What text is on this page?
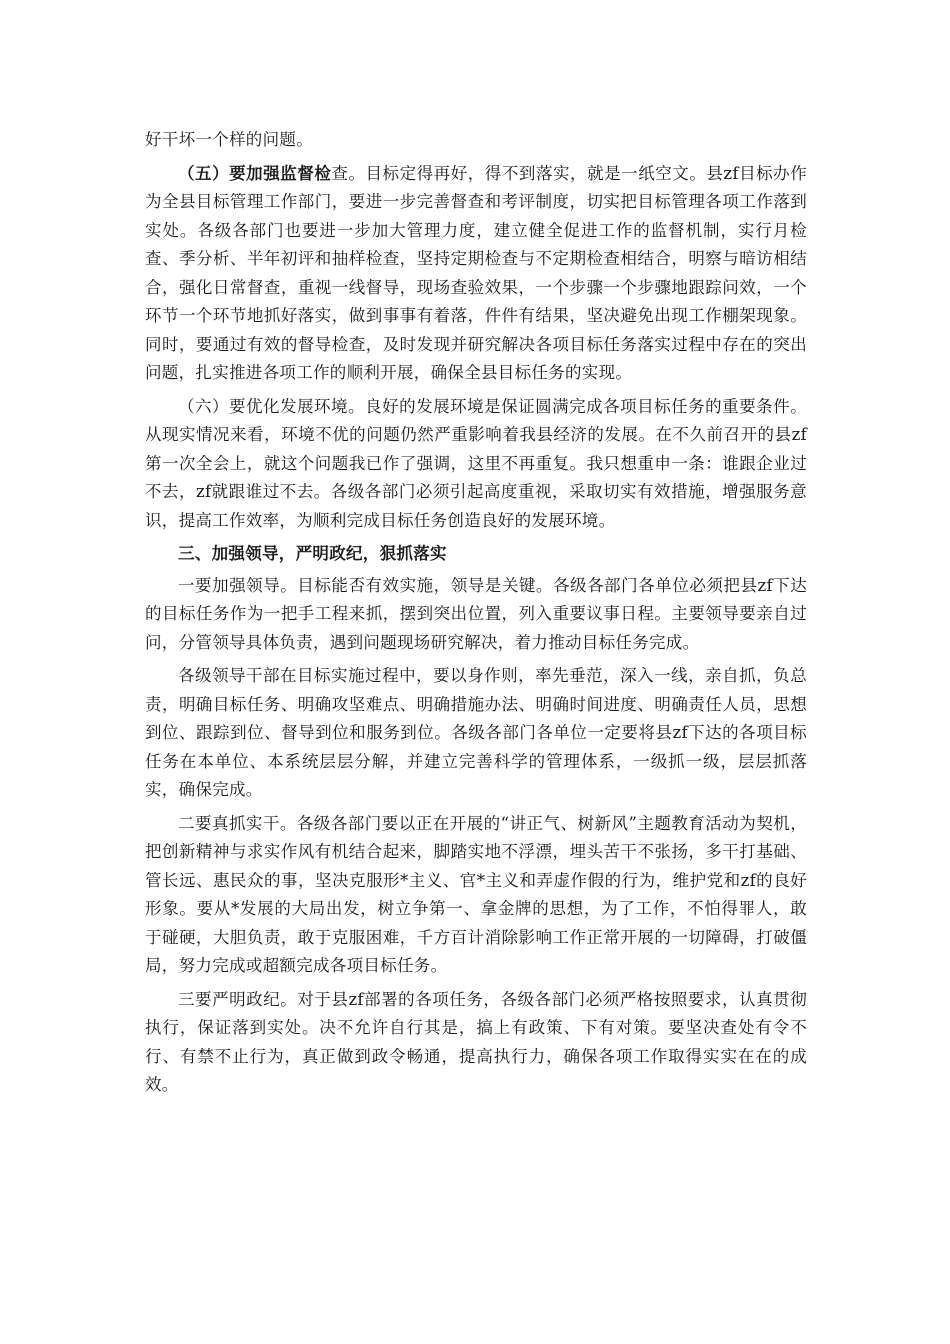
好干坏一个样的问题。

（五）要加强监督检查。目标定得再好，得不到落实，就是一纸空文。县zf目标办作为全县目标管理工作部门，要进一步完善督查和考评制度，切实把目标管理各项工作落到实处。各级各部门也要进一步加大管理力度，建立健全促进工作的监督机制，实行月检查、季分析、半年初评和抽样检查，坚持定期检查与不定期检查相结合，明察与暗访相结合，强化日常督查，重视一线督导，现场查验效果，一个步骤一个步骤地跟踪问效，一个环节一个环节地抓好落实，做到事事有着落，件件有结果，坚决避免出现工作棚架现象。同时，要通过有效的督导检查，及时发现并研究解决各项目标任务落实过程中存在的突出问题，扎实推进各项工作的顺利开展，确保全县目标任务的实现。

（六）要优化发展环境。良好的发展环境是保证圆满完成各项目标任务的重要条件。从现实情况来看，环境不优的问题仍然严重影响着我县经济的发展。在不久前召开的县zf第一次全会上，就这个问题我已作了强调，这里不再重复。我只想重申一条：谁跟企业过不去，zf就跟谁过不去。各级各部门必须引起高度重视，采取切实有效措施，增强服务意识，提高工作效率，为顺利完成目标任务创造良好的发展环境。

三、加强领导，严明政纪，狠抓落实

一要加强领导。目标能否有效实施，领导是关键。各级各部门各单位必须把县zf下达的目标任务作为一把手工程来抓，摆到突出位置，列入重要议事日程。主要领导要亲自过问，分管领导具体负责，遇到问题现场研究解决，着力推动目标任务完成。

各级领导干部在目标实施过程中，要以身作则，率先垂范，深入一线，亲自抓，负总责，明确目标任务、明确攻坚难点、明确措施办法、明确时间进度、明确责任人员，思想到位、跟踪到位、督导到位和服务到位。各级各部门各单位一定要将县zf下达的各项目标任务在本单位、本系统层层分解，并建立完善科学的管理体系，一级抓一级，层层抓落实，确保完成。

二要真抓实干。各级各部门要以正在开展的“讲正气、树新风”主题教育活动为契机，把创新精神与求实作风有机结合起来，脚踏实地不浮漂，埋头苦干不张扬，多干打基础、管长远、惠民众的事，坚决克服形*主义、官*主义和弄虚作假的行为，维护党和zf的良好形象。要从*发展的大局出发，树立争第一、拿金牌的思想，为了工作，不怕得罪人，敢于碰硬，大胆负责，敢于克服困难，千方百计消除影响工作正常开展的一切障碍，打破僵局，努力完成或超额完成各项目标任务。

三要严明政纪。对于县zf部署的各项任务，各级各部门必须严格按照要求，认真贯彻执行，保证落到实处。决不允许自行其是，搞上有政策、下有对策。要坚决查处有令不行、有禁不止行为，真正做到政令畅通，提高执行力，确保各项工作取得实实在在的成效。
